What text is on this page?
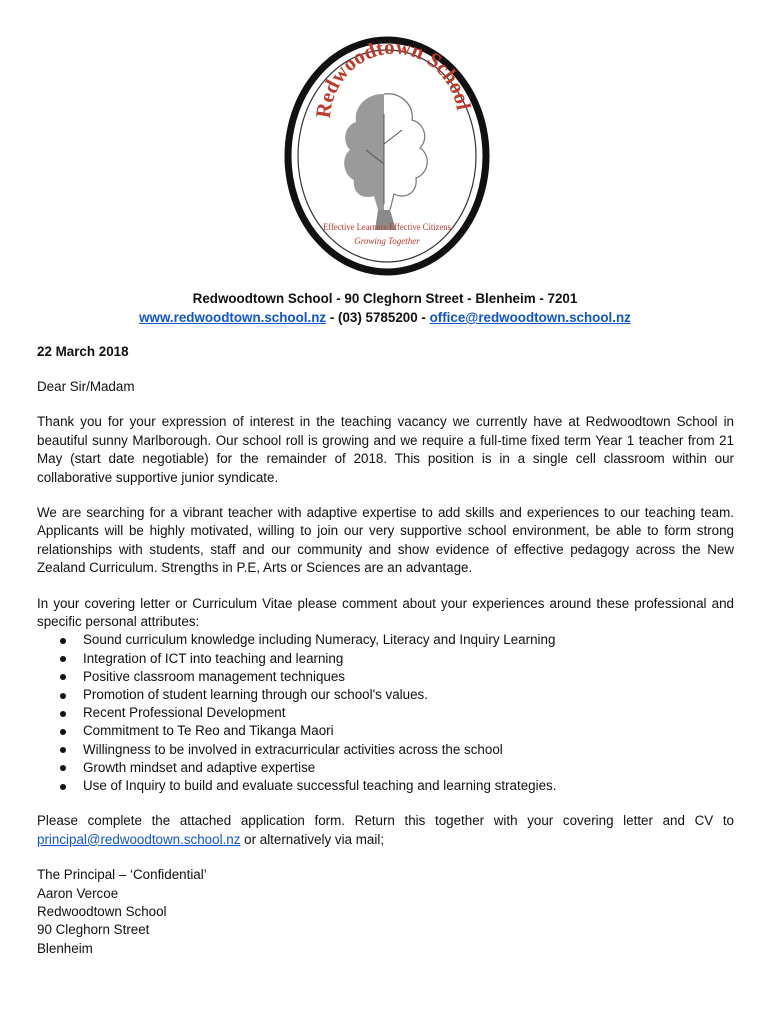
Redwoodtown School
Effective Learners Effective Citizens
Growing Together
Redwoodtown School - 90 Cleghorn Street - Blenheim - 7201
www.redwoodtown.school.nz - (03) 5785200 - office@redwoodtown.school.nz
22 March 2018

Dear Sir/Madam

Thank you for your expression of interest in the teaching vacancy we currently have at Redwoodtown School in beautiful sunny Marlborough. Our school roll is growing and we require a full-time fixed term Year 1 teacher from 21 May (start date negotiable) for the remainder of 2018. This position is in a single cell classroom within our collaborative supportive junior syndicate.

We are searching for a vibrant teacher with adaptive expertise to add skills and experiences to our teaching team. Applicants will be highly motivated, willing to join our very supportive school environment, be able to form strong relationships with students, staff and our community and show evidence of effective pedagogy across the New Zealand Curriculum. Strengths in P.E, Arts or Sciences are an advantage.

In your covering letter or Curriculum Vitae please comment about your experiences around these professional and specific personal attributes:

Sound curriculum knowledge including Numeracy, Literacy and Inquiry Learning
Integration of ICT into teaching and learning
Positive classroom management techniques
Promotion of student learning through our school's values.
Recent Professional Development
Commitment to Te Reo and Tikanga Maori
Willingness to be involved in extracurricular activities across the school
Growth mindset and adaptive expertise
Use of Inquiry to build and evaluate successful teaching and learning strategies.

Please complete the attached application form. Return this together with your covering letter and CV to principal@redwoodtown.school.nz or alternatively via mail;

The Principal – ‘Confidential’

Aaron Vercoe

Redwoodtown School

90 Cleghorn Street

Blenheim
